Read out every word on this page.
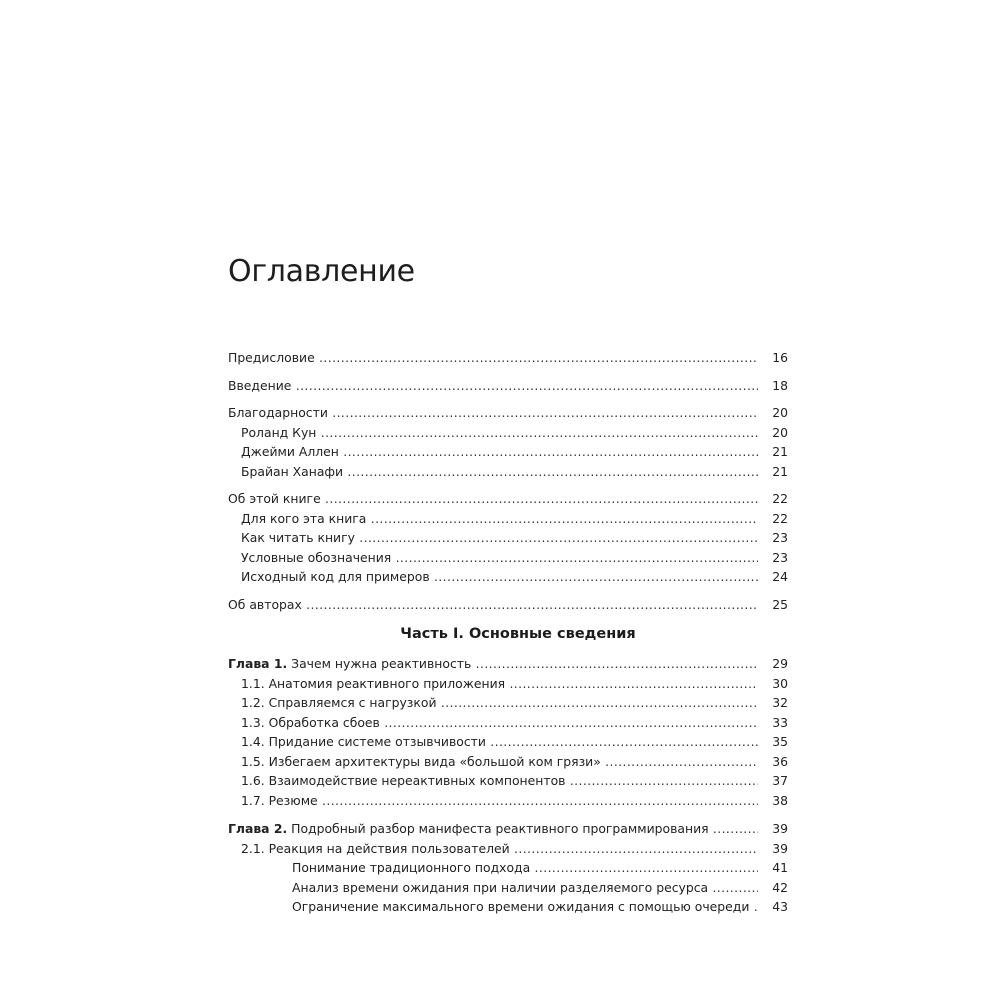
Оглавление
Предисловие .....	16
Введение .....	18
Благодарности .....	20
Роланд Кун .....	20
Джейми Аллен .....	21
Брайан Ханафи .....	21
Об этой книге .....	22
Для кого эта книга .....	22
Как читать книгу .....	23
Условные обозначения .....	23
Исходный код для примеров .....	24
Об авторах .....	25
Часть I. Основные сведения
Глава 1. Зачем нужна реактивность .....	29
1.1. Анатомия реактивного приложения .....	30
1.2. Справляемся с нагрузкой .....	32
1.3. Обработка сбоев .....	33
1.4. Придание системе отзывчивости .....	35
1.5. Избегаем архитектуры вида «большой ком грязи» .....	36
1.6. Взаимодействие нереактивных компонентов .....	37
1.7. Резюме .....	38
Глава 2. Подробный разбор манифеста реактивного программирования .....	39
2.1. Реакция на действия пользователей .....	39
Понимание традиционного подхода .....	41
Анализ времени ожидания при наличии разделяемого ресурса .....	42
Ограничение максимального времени ожидания с помощью очереди .....	43
